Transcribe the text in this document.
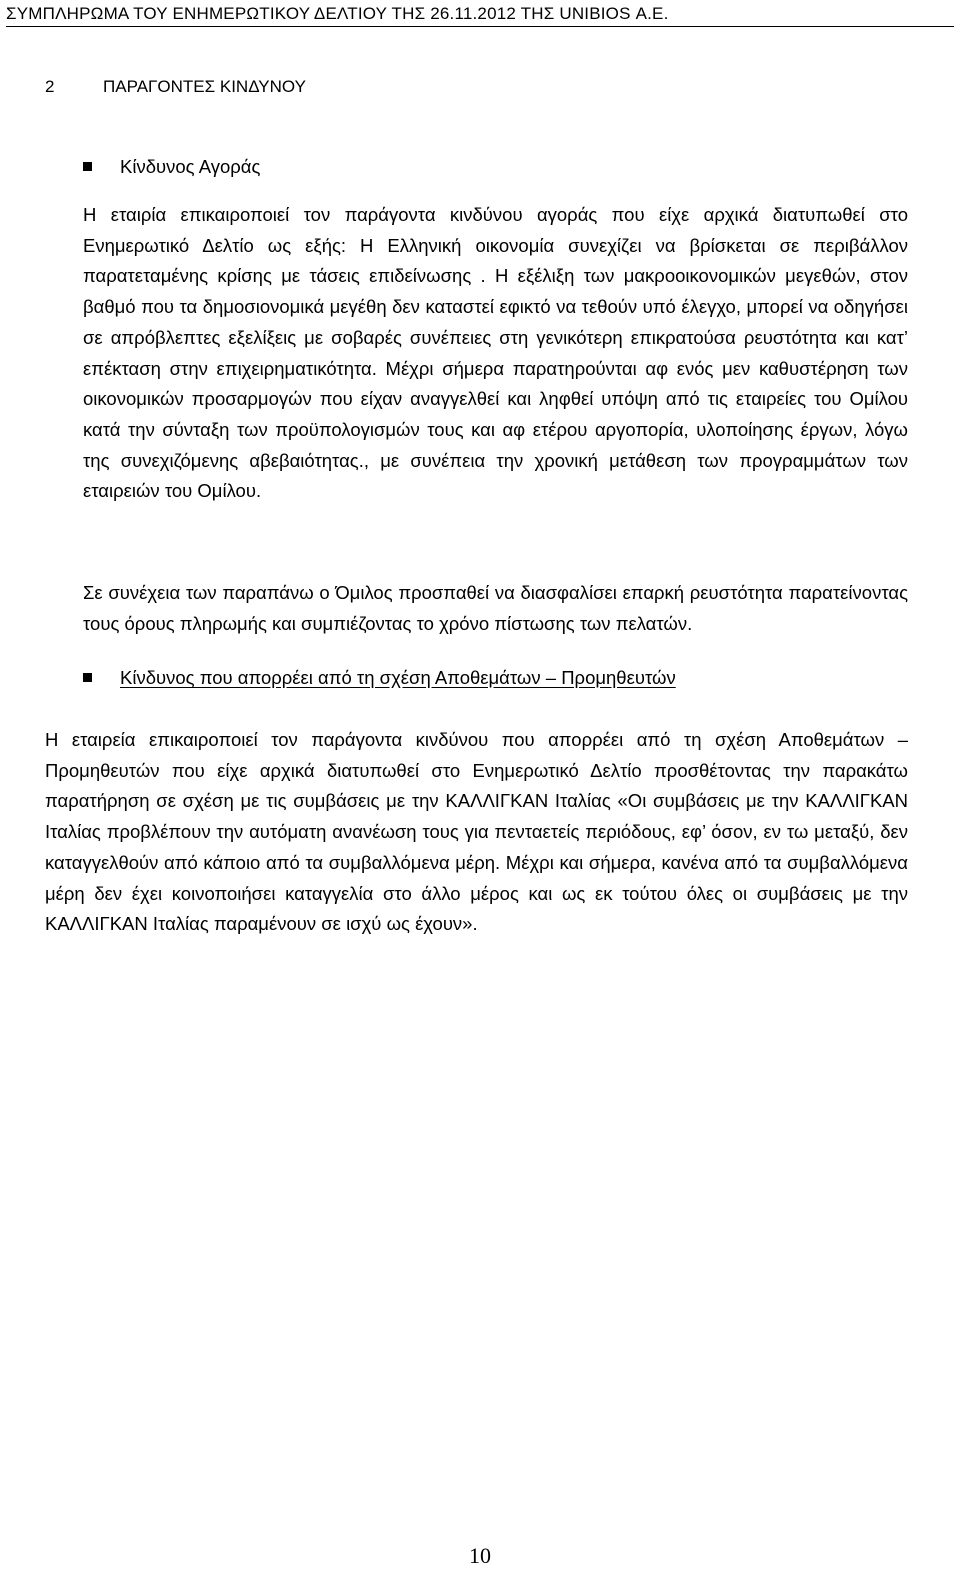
ΣΥΜΠΛΗΡΩΜΑ ΤΟΥ ΕΝΗΜΕΡΩΤΙΚΟΥ ΔΕΛΤΙΟΥ ΤΗΣ 26.11.2012 ΤΗΣ UNIBIOS Α.Ε.
2	ΠΑΡΑΓΟΝΤΕΣ ΚΙΝΔΥΝΟΥ
Κίνδυνος Αγοράς

Η εταιρία επικαιροποιεί τον παράγοντα κινδύνου αγοράς που είχε αρχικά διατυπωθεί στο Ενημερωτικό Δελτίο ως εξής: Η Ελληνική οικονομία συνεχίζει να βρίσκεται σε περιβάλλον παρατεταμένης κρίσης με τάσεις επιδείνωσης . Η εξέλιξη των μακροοικονομικών μεγεθών, στον βαθμό που τα δημοσιονομικά μεγέθη δεν καταστεί εφικτό να τεθούν υπό έλεγχο, μπορεί να οδηγήσει σε απρόβλεπτες εξελίξεις με σοβαρές συνέπειες στη γενικότερη επικρατούσα ρευστότητα και κατ’ επέκταση στην επιχειρηματικότητα. Μέχρι σήμερα παρατηρούνται αφ ενός μεν καθυστέρηση των οικονομικών προσαρμογών που είχαν αναγγελθεί και ληφθεί υπόψη από τις εταιρείες του Ομίλου κατά την σύνταξη των προϋπολογισμών τους και αφ ετέρου αργοπορία, υλοποίησης έργων, λόγω της συνεχιζόμενης αβεβαιότητας., με συνέπεια την χρονική μετάθεση των προγραμμάτων των εταιρειών του Ομίλου.

Σε συνέχεια των παραπάνω ο Όμιλος προσπαθεί να διασφαλίσει επαρκή ρευστότητα παρατείνοντας τους όρους πληρωμής και συμπιέζοντας το χρόνο πίστωσης των πελατών.

Κίνδυνος που απορρέει από τη σχέση Αποθεμάτων – Προμηθευτών

Η εταιρεία επικαιροποιεί τον παράγοντα κινδύνου που απορρέει από τη σχέση Αποθεμάτων – Προμηθευτών που είχε αρχικά διατυπωθεί στο Ενημερωτικό Δελτίο προσθέτοντας την παρακάτω παρατήρηση σε σχέση με τις συμβάσεις με την ΚΑΛΛΙΓΚΑΝ Ιταλίας «Οι συμβάσεις με την ΚΑΛΛΙΓΚΑΝ Ιταλίας προβλέπουν την αυτόματη ανανέωση τους για πενταετείς περιόδους, εφ’ όσον, εν τω μεταξύ, δεν καταγγελθούν από κάποιο από τα συμβαλλόμενα μέρη. Μέχρι και σήμερα, κανένα από τα συμβαλλόμενα μέρη δεν έχει κοινοποιήσει καταγγελία στο άλλο μέρος και ως εκ τούτου όλες οι συμβάσεις με την ΚΑΛΛΙΓΚΑΝ Ιταλίας παραμένουν σε ισχύ ως έχουν».

10
